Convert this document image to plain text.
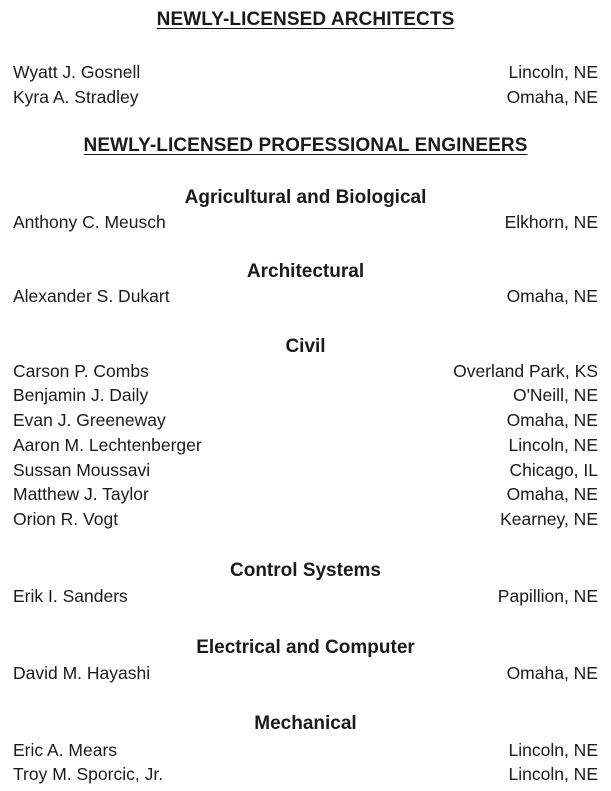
NEWLY-LICENSED ARCHITECTS
Wyatt J. Gosnell	Lincoln, NE
Kyra A. Stradley	Omaha, NE
NEWLY-LICENSED PROFESSIONAL ENGINEERS
Agricultural and Biological
Anthony C. Meusch	Elkhorn, NE
Architectural
Alexander S. Dukart	Omaha, NE
Civil
Carson P. Combs	Overland Park, KS
Benjamin J. Daily	O'Neill, NE
Evan J. Greeneway	Omaha, NE
Aaron M. Lechtenberger	Lincoln, NE
Sussan Moussavi	Chicago, IL
Matthew J. Taylor	Omaha, NE
Orion R. Vogt	Kearney, NE
Control Systems
Erik I. Sanders	Papillion, NE
Electrical and Computer
David M. Hayashi	Omaha, NE
Mechanical
Eric A. Mears	Lincoln, NE
Troy M. Sporcic, Jr.	Lincoln, NE
